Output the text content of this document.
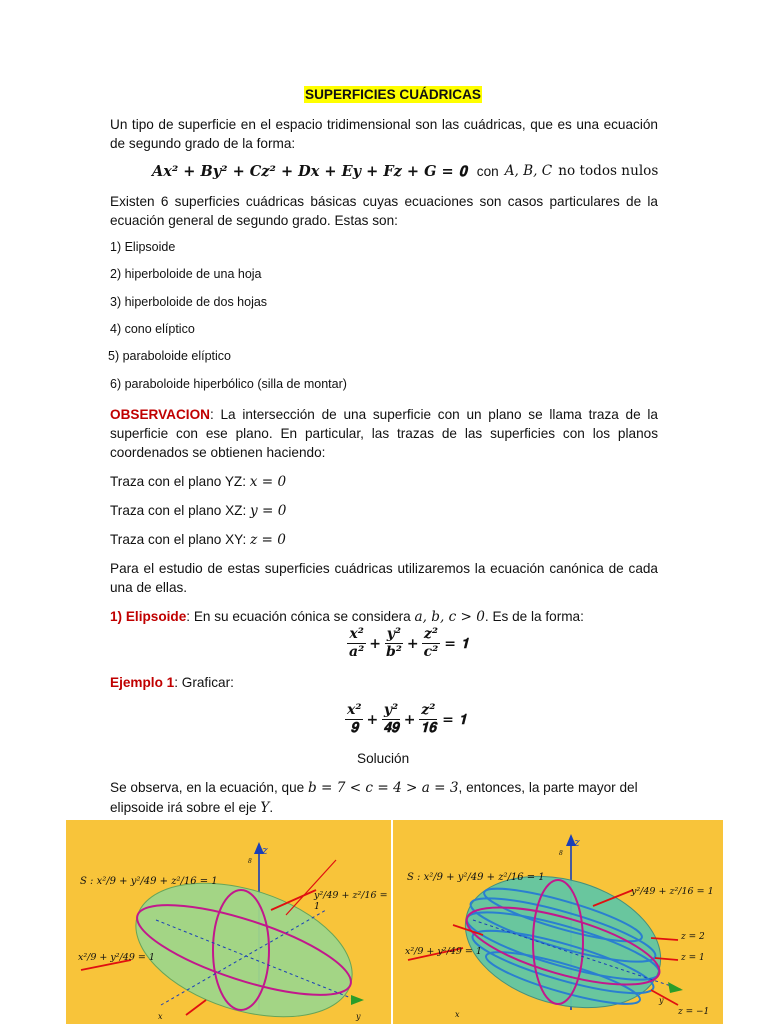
SUPERFICIES CUÁDRICAS
Un tipo de superficie en el espacio tridimensional son las cuádricas, que es una ecuación de segundo grado de la forma:
𝑨𝒙² + 𝑩𝒚² + 𝑪𝒛² + 𝑫𝒙 + 𝑬𝒚 + 𝑭𝒛 + 𝑮 = 𝟎 con 𝐴, 𝐵, 𝐶 no todos nulos
Existen 6 superficies cuádricas básicas cuyas ecuaciones son casos particulares de la ecuación general de segundo grado. Estas son:
1) Elipsoide
2) hiperboloide de una hoja
3) hiperboloide de dos hojas
4) cono elíptico
5) paraboloide elíptico
6) paraboloide hiperbólico (silla de montar)
OBSERVACION: La intersección de una superficie con un plano se llama traza de la superficie con ese plano. En particular, las trazas de las superficies con los planos coordenados se obtienen haciendo:
Traza con el plano YZ: 𝑥 = 0
Traza con el plano XZ: 𝑦 = 0
Traza con el plano XY: 𝑧 = 0
Para el estudio de estas superficies cuádricas utilizaremos la ecuación canónica de cada una de ellas.
1) Elipsoide: En su ecuación cónica se considera 𝑎, 𝑏, 𝑐 > 0. Es de la forma:
$\frac{\text{𝒙²}}{\text{𝒂²}} + \frac{\text{𝒚²}}{\text{𝒃²}} + \frac{\text{𝒛²}}{\text{𝒄²}}$ = 𝟏
Ejemplo 1: Graficar:
$\frac{\text{𝒙²}}{𝟗} + \frac{\text{𝒚²}}{𝟒𝟗} + \frac{\text{𝒛²}}{𝟏𝟔}$ = 𝟏
Solución
Se observa, en la ecuación, que 𝑏 = 7 < 𝑐 = 4 > 𝑎 = 3, entonces, la parte mayor del
elipsoide irá sobre el eje 𝑌.
S : x²/9 + y²/49 + z²/16 = 1
y²/49 + z²/16 = 1
x²/9 + y²/49 = 1
z
8
x	y
S : x²/9 + y²/49 + z²/16 = 1
y²/49 + z²/16 = 1
x²/9 + y²/49 = 1
z = 2
z = 1
z = −1
z
8
x
y
